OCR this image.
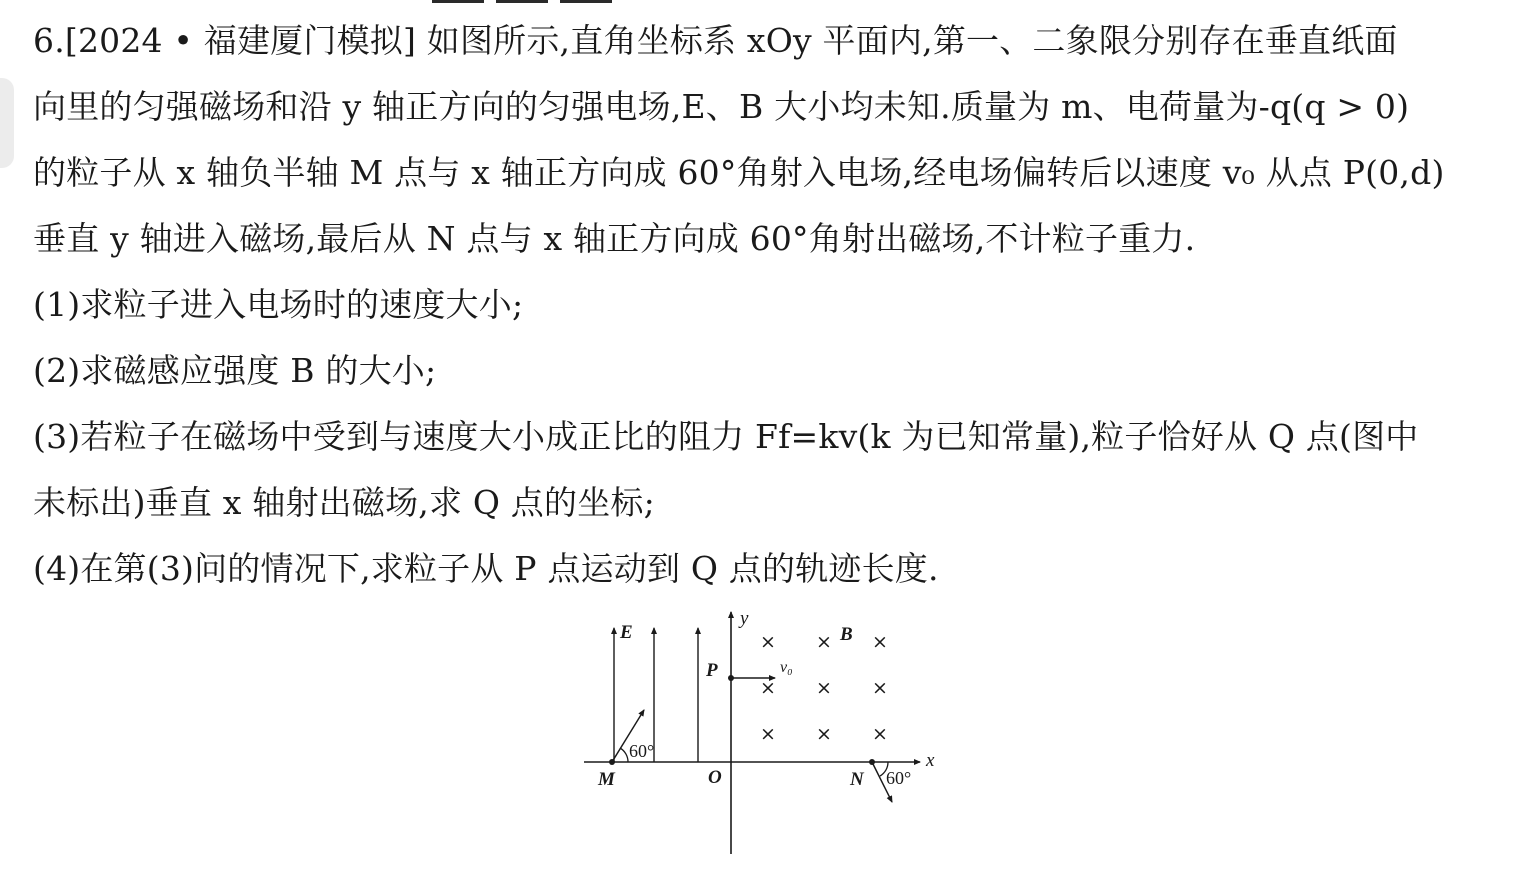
6.[2024 • 福建厦门模拟] 如图所示,直角坐标系 xOy 平面内,第一、二象限分别存在垂直纸面
向里的匀强磁场和沿 y 轴正方向的匀强电场,E、B 大小均未知.质量为 m、电荷量为-q(q > 0)
的粒子从 x 轴负半轴 M 点与 x 轴正方向成 60°角射入电场,经电场偏转后以速度 v₀ 从点 P(0,d)
垂直 y 轴进入磁场,最后从 N 点与 x 轴正方向成 60°角射出磁场,不计粒子重力.
(1)求粒子进入电场时的速度大小;
(2)求磁感应强度 B 的大小;
(3)若粒子在磁场中受到与速度大小成正比的阻力 Ff=kv(k 为已知常量),粒子恰好从 Q 点(图中
未标出)垂直 x 轴射出磁场,求 Q 点的坐标;
(4)在第(3)问的情况下,求粒子从 P 点运动到 Q 点的轨迹长度.
x
y
O
E	× × ×
× × ×
× × ×
B
P	v₀
60°
M	60°
N
